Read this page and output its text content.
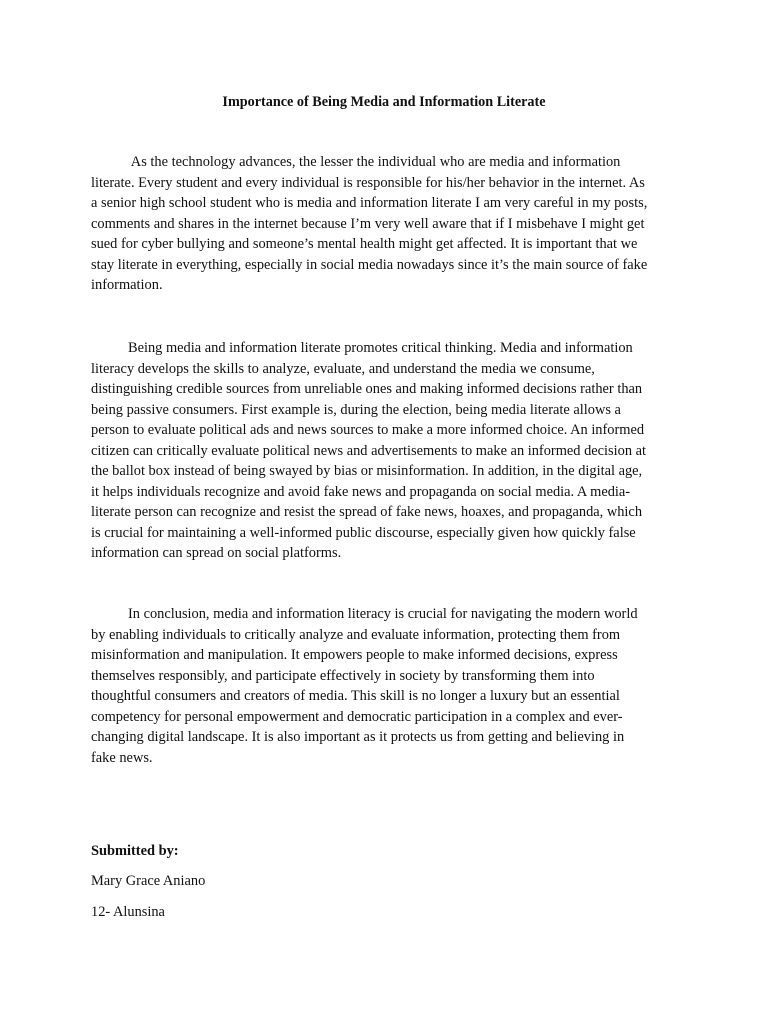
Importance of Being Media and Information Literate

As the technology advances, the lesser the individual who are media and information
literate. Every student and every individual is responsible for his/her behavior in the internet. As
a senior high school student who is media and information literate I am very careful in my posts,
comments and shares in the internet because I’m very well aware that if I misbehave I might get
sued for cyber bullying and someone’s mental health might get affected. It is important that we
stay literate in everything, especially in social media nowadays since it’s the main source of fake
information.

Being media and information literate promotes critical thinking. Media and information
literacy develops the skills to analyze, evaluate, and understand the media we consume,
distinguishing credible sources from unreliable ones and making informed decisions rather than
being passive consumers. First example is, during the election, being media literate allows a
person to evaluate political ads and news sources to make a more informed choice. An informed
citizen can critically evaluate political news and advertisements to make an informed decision at
the ballot box instead of being swayed by bias or misinformation. In addition, in the digital age,
it helps individuals recognize and avoid fake news and propaganda on social media. A media-
literate person can recognize and resist the spread of fake news, hoaxes, and propaganda, which
is crucial for maintaining a well-informed public discourse, especially given how quickly false
information can spread on social platforms.

In conclusion, media and information literacy is crucial for navigating the modern world
by enabling individuals to critically analyze and evaluate information, protecting them from
misinformation and manipulation. It empowers people to make informed decisions, express
themselves responsibly, and participate effectively in society by transforming them into
thoughtful consumers and creators of media. This skill is no longer a luxury but an essential
competency for personal empowerment and democratic participation in a complex and ever-
changing digital landscape. It is also important as it protects us from getting and believing in
fake news.

Submitted by:
Mary Grace Aniano
12- Alunsina
